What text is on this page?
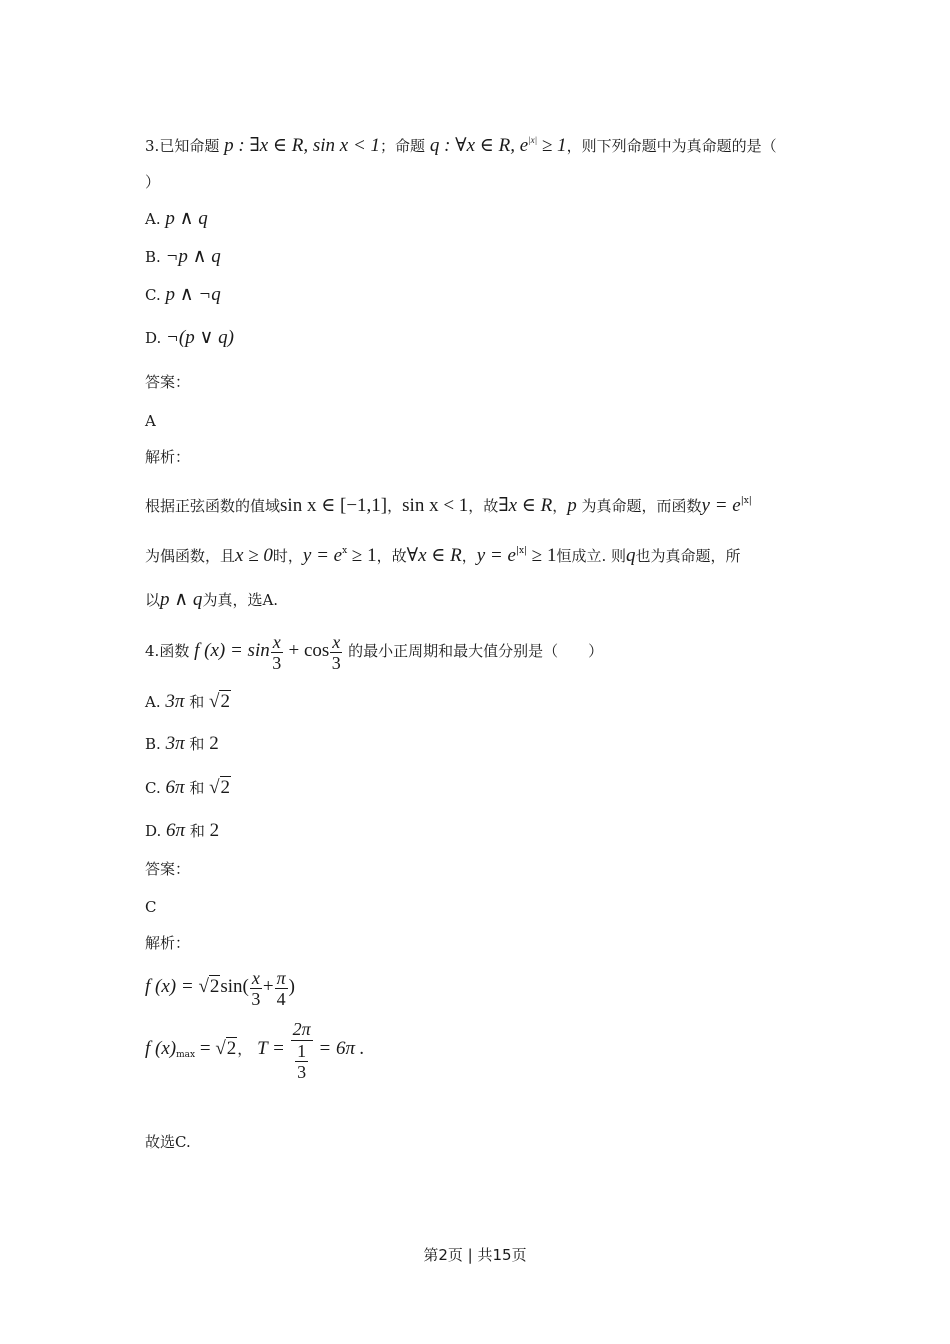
3.已知命题 p : ∃x ∈ R, sin x < 1；命题 q : ∀x ∈ R, $e^{|x|} \ge 1$，则下列命题中为真命题的是（
）
A. p ∧ q
B. ¬p ∧ q
C. p ∧ ¬q
D. ¬(p ∨ q)
答案：
A
解析：
根据正弦函数的值域sin x ∈ [−1,1]，sin x < 1，故∃x ∈ R，p 为真命题，而函数$y = e^{|x|}$
为偶函数，且x ≥ 0时，$y = e^x \ge 1$，故∀x ∈ R，$y = e^{|x|} \ge 1$恒成立. 则q也为真命题，所
以p ∧ q为真，选A.
4.函数 f $(x) = \sin \frac{x}{3} + \cos \frac{x}{3}$ 的最小正周期和最大值分别是（　　）
A. 3π 和 √2
B. 3π 和 2
C. 6π 和 √2
D. 6π 和 2
答案：
C
解析：
f $(x) = √2\sin( \frac{x}{3} + \frac{\pi}{4}$ )
f $(x)_{max} = √2$， $T = \frac{2\pi}{\frac{1}{3}} = 6\pi$ .
故选C.
第2页 | 共15页
